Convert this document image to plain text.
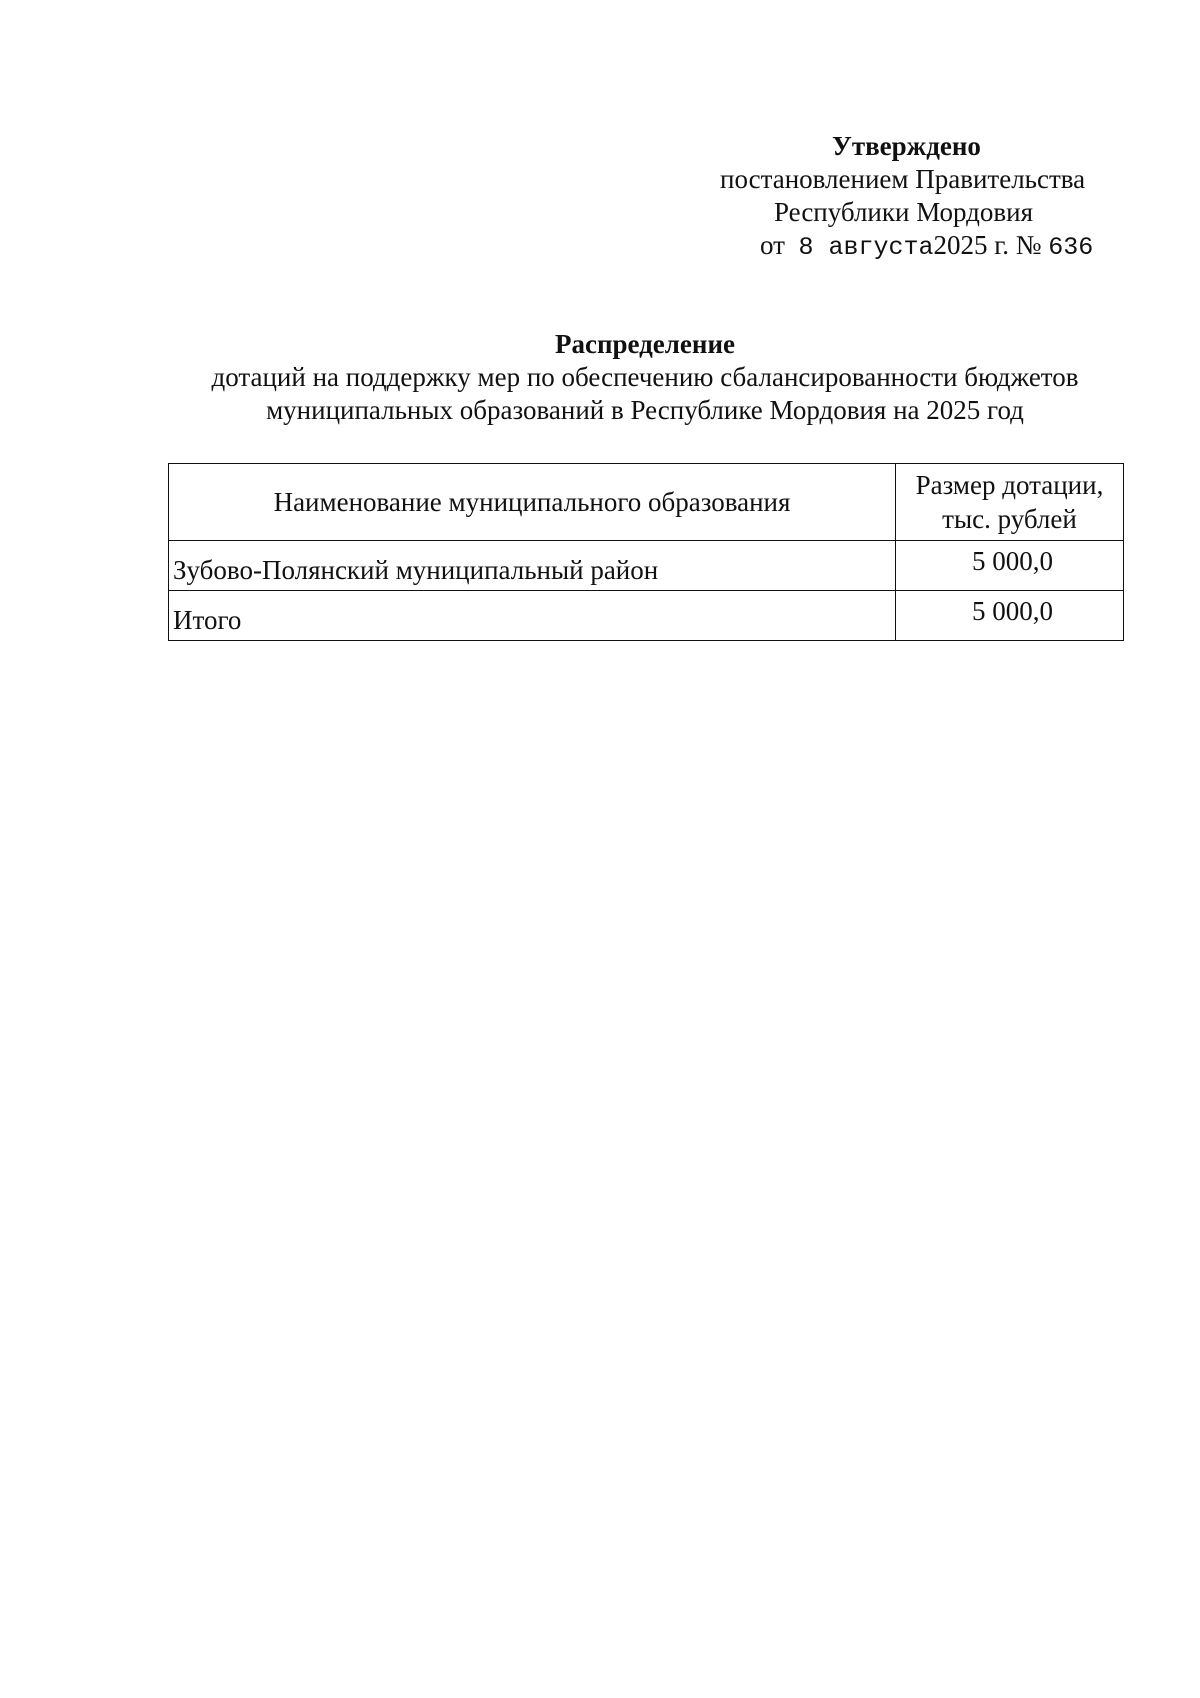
Утверждено
постановлением Правительства
Республики Мордовия
от 8 августа2025 г. № 636
Распределение
дотаций на поддержку мер по обеспечению сбалансированности бюджетов
муниципальных образований в Республике Мордовия на 2025 год
Наименование муниципального образования	Размер дотации,
тыс. рублей

Зубово-Полянский муниципальный район	5 000,0
Итого	5 000,0
